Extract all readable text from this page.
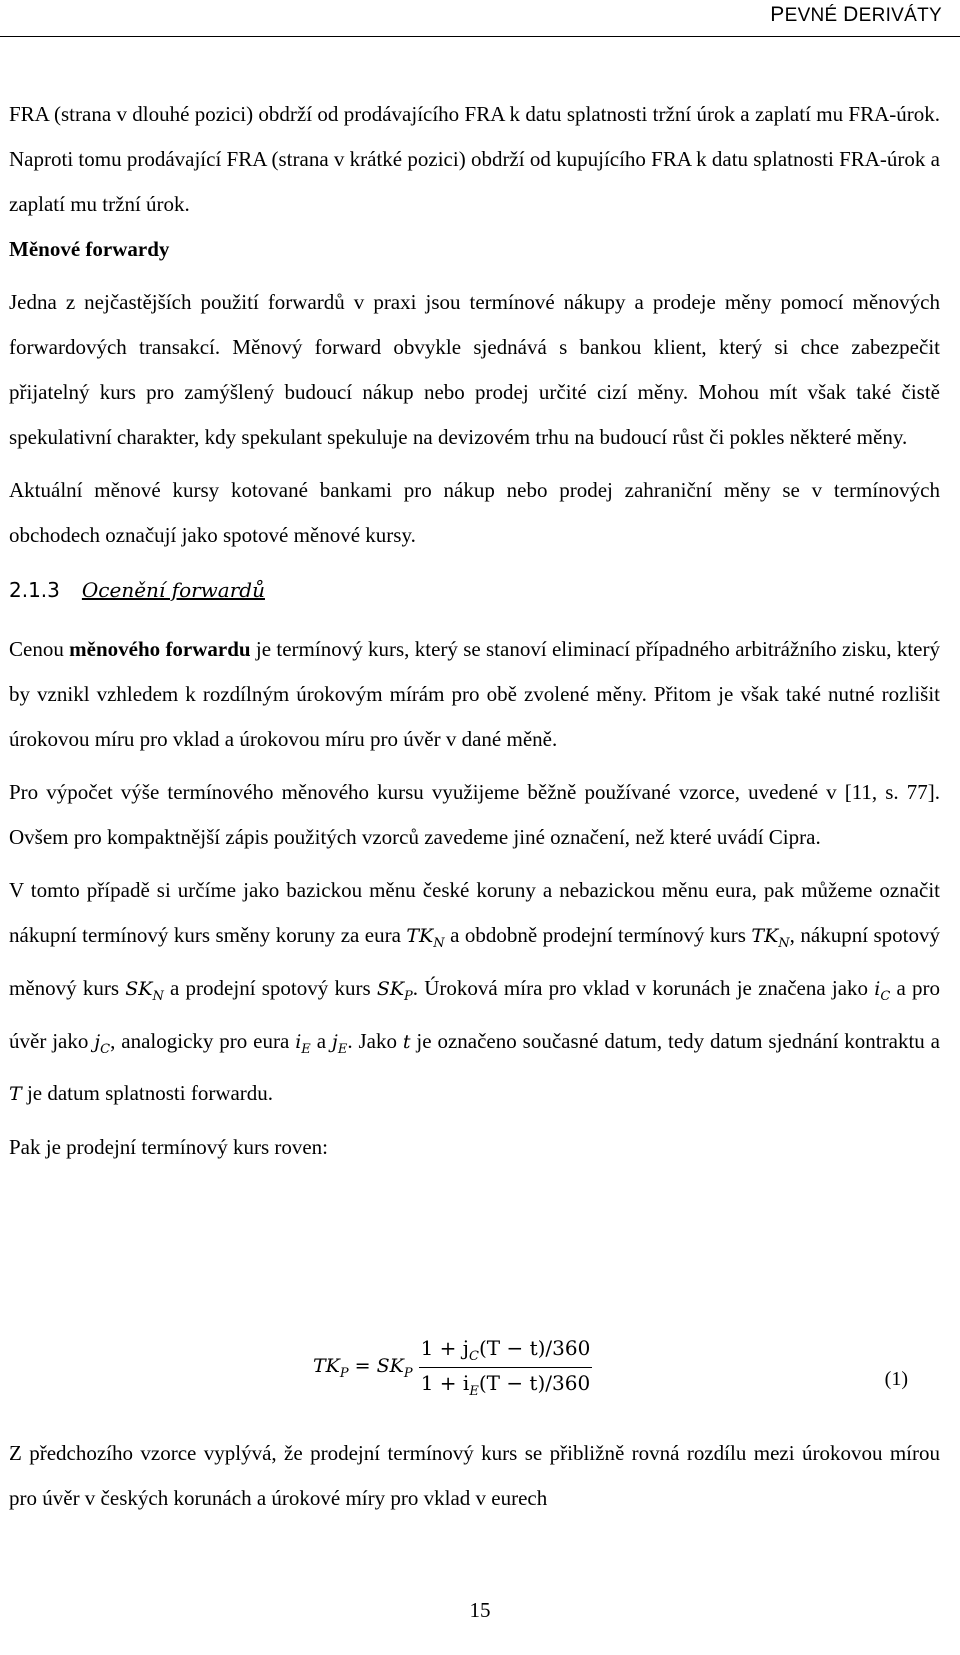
PEVNÉ DERIVÁTY

FRA (strana v dlouhé pozici) obdrží od prodávajícího FRA k datu splatnosti tržní úrok a zaplatí mu FRA-úrok. Naproti tomu prodávající FRA (strana v krátké pozici) obdrží od kupujícího FRA k datu splatnosti FRA-úrok a zaplatí mu tržní úrok.

Měnové forwardy

Jedna z nejčastějších použití forwardů v praxi jsou termínové nákupy a prodeje měny pomocí měnových forwardových transakcí. Měnový forward obvykle sjednává s bankou klient, který si chce zabezpečit přijatelný kurs pro zamýšlený budoucí nákup nebo prodej určité cizí měny. Mohou mít však také čistě spekulativní charakter, kdy spekulant spekuluje na devizovém trhu na budoucí růst či pokles některé měny.

Aktuální měnové kursy kotované bankami pro nákup nebo prodej zahraniční měny se v termínových obchodech označují jako spotové měnové kursy.

2.1.3 Ocenění forwardů

Cenou měnového forwardu je termínový kurs, který se stanoví eliminací případného arbitrážního zisku, který by vznikl vzhledem k rozdílným úrokovým mírám pro obě zvolené měny. Přitom je však také nutné rozlišit úrokovou míru pro vklad a úrokovou míru pro úvěr v dané měně.

Pro výpočet výše termínového měnového kursu využijeme běžně používané vzorce, uvedené v [11, s. 77]. Ovšem pro kompaktnější zápis použitých vzorců zavedeme jiné označení, než které uvádí Cipra.

V tomto případě si určíme jako bazickou měnu české koruny a nebazickou měnu eura, pak můžeme označit nákupní termínový kurs směny koruny za eura $TK_N$ a obdobně prodejní termínový kurs $TK_N$, nákupní spotový měnový kurs $SK_N$ a prodejní spotový kurs $SK_P$. Úroková míra pro vklad v korunách je značena jako $i_C$ a pro úvěr jako $j_C$, analogicky pro eura $i_E$ a $j_E$. Jako t je označeno současné datum, tedy datum sjednání kontraktu a T je datum splatnosti forwardu.

Pak je prodejní termínový kurs roven:

$TK_P = SK_P \frac{1 + j_C(T - t)/360}{1 + i_E(T - t)/360}$	(1)

Z předchozího vzorce vyplývá, že prodejní termínový kurs se přibližně rovná rozdílu mezi úrokovou mírou pro úvěr v českých korunách a úrokové míry pro vklad v eurech

15
